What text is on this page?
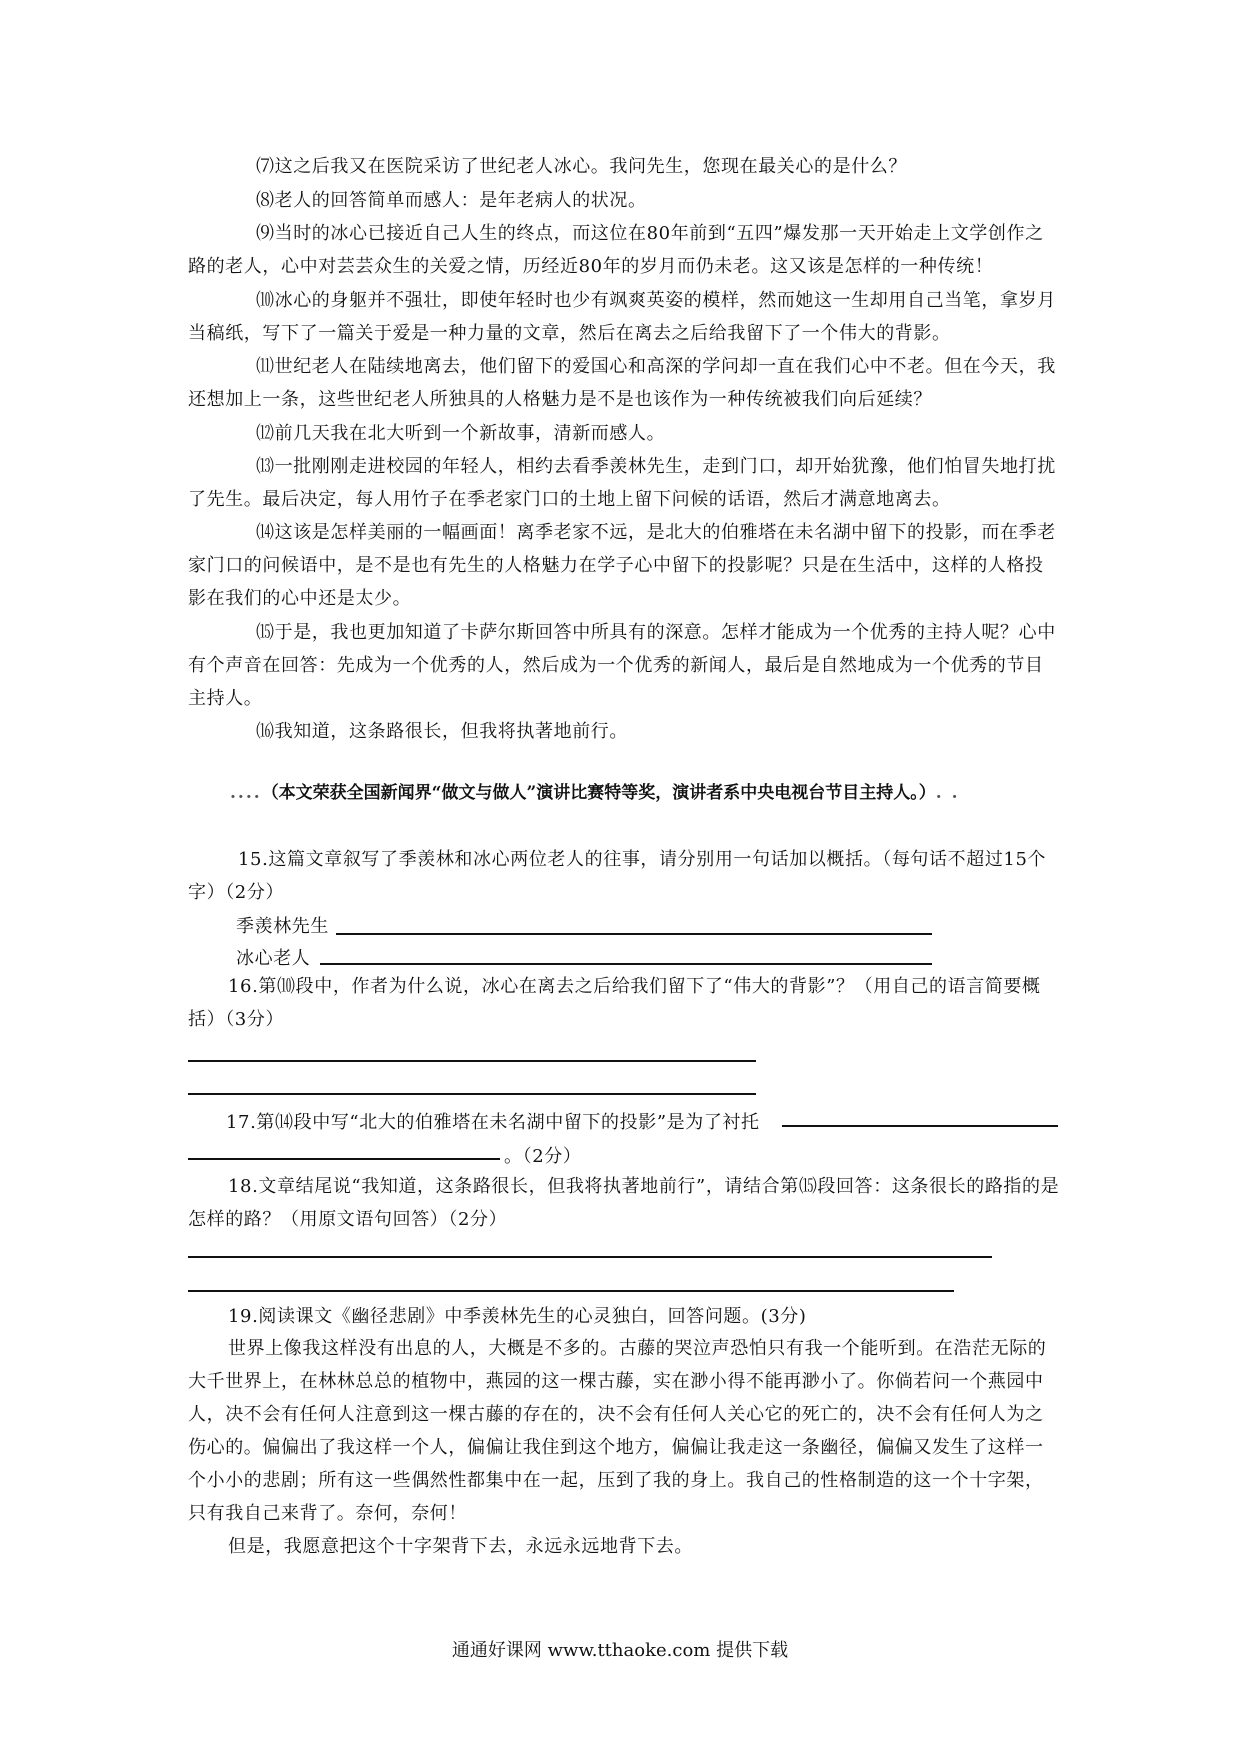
⑺这之后我又在医院采访了世纪老人冰心。我问先生，您现在最关心的是什么？
⑻老人的回答简单而感人：是年老病人的状况。
⑼当时的冰心已接近自己人生的终点，而这位在80年前到“五四”爆发那一天开始走上文学创作之路的老人，心中对芸芸众生的关爱之情，历经近80年的岁月而仍未老。这又该是怎样的一种传统！
⑽冰心的身躯并不强壮，即使年轻时也少有飒爽英姿的模样，然而她这一生却用自己当笔，拿岁月当稿纸，写下了一篇关于爱是一种力量的文章，然后在离去之后给我留下了一个伟大的背影。
⑾世纪老人在陆续地离去，他们留下的爱国心和高深的学问却一直在我们心中不老。但在今天，我还想加上一条，这些世纪老人所独具的人格魅力是不是也该作为一种传统被我们向后延续？
⑿前几天我在北大听到一个新故事，清新而感人。
⒀一批刚刚走进校园的年轻人，相约去看季羡林先生，走到门口，却开始犹豫，他们怕冒失地打扰了先生。最后决定，每人用竹子在季老家门口的土地上留下问候的话语，然后才满意地离去。
⒁这该是怎样美丽的一幅画面！离季老家不远，是北大的伯雅塔在未名湖中留下的投影，而在季老家门口的问候语中，是不是也有先生的人格魅力在学子心中留下的投影呢？只是在生活中，这样的人格投影在我们的心中还是太少。
⒂于是，我也更加知道了卡萨尔斯回答中所具有的深意。怎样才能成为一个优秀的主持人呢？心中有个声音在回答：先成为一个优秀的人，然后成为一个优秀的新闻人，最后是自然地成为一个优秀的节目主持人。
⒃我知道，这条路很长，但我将执著地前行。
....（本文荣获全国新闻界“做文与做人”演讲比赛特等奖，演讲者系中央电视台节目主持人。）. .
15.这篇文章叙写了季羡林和冰心两位老人的往事，请分别用一句话加以概括。（每句话不超过15个字）（2分）
季羡林先生
冰心老人
16.第⑽段中，作者为什么说，冰心在离去之后给我们留下了“伟大的背影”？（用自己的语言简要概括）（3分）
17.第⒁段中写“北大的伯雅塔在未名湖中留下的投影”是为了衬托
。（2分）
18.文章结尾说“我知道，这条路很长，但我将执著地前行”，请结合第⒂段回答：这条很长的路指的是怎样的路？（用原文语句回答）（2分）
19.阅读课文《幽径悲剧》中季羡林先生的心灵独白，回答问题。(3分)
世界上像我这样没有出息的人，大概是不多的。古藤的哭泣声恐怕只有我一个能听到。在浩茫无际的大千世界上，在林林总总的植物中，燕园的这一棵古藤，实在渺小得不能再渺小了。你倘若问一个燕园中人，决不会有任何人注意到这一棵古藤的存在的，决不会有任何人关心它的死亡的，决不会有任何人为之伤心的。偏偏出了我这样一个人，偏偏让我住到这个地方，偏偏让我走这一条幽径，偏偏又发生了这样一个小小的悲剧；所有这一些偶然性都集中在一起，压到了我的身上。我自己的性格制造的这一个十字架，只有我自己来背了。奈何，奈何！
但是，我愿意把这个十字架背下去，永远永远地背下去。
通通好课网 www.tthaoke.com 提供下载
